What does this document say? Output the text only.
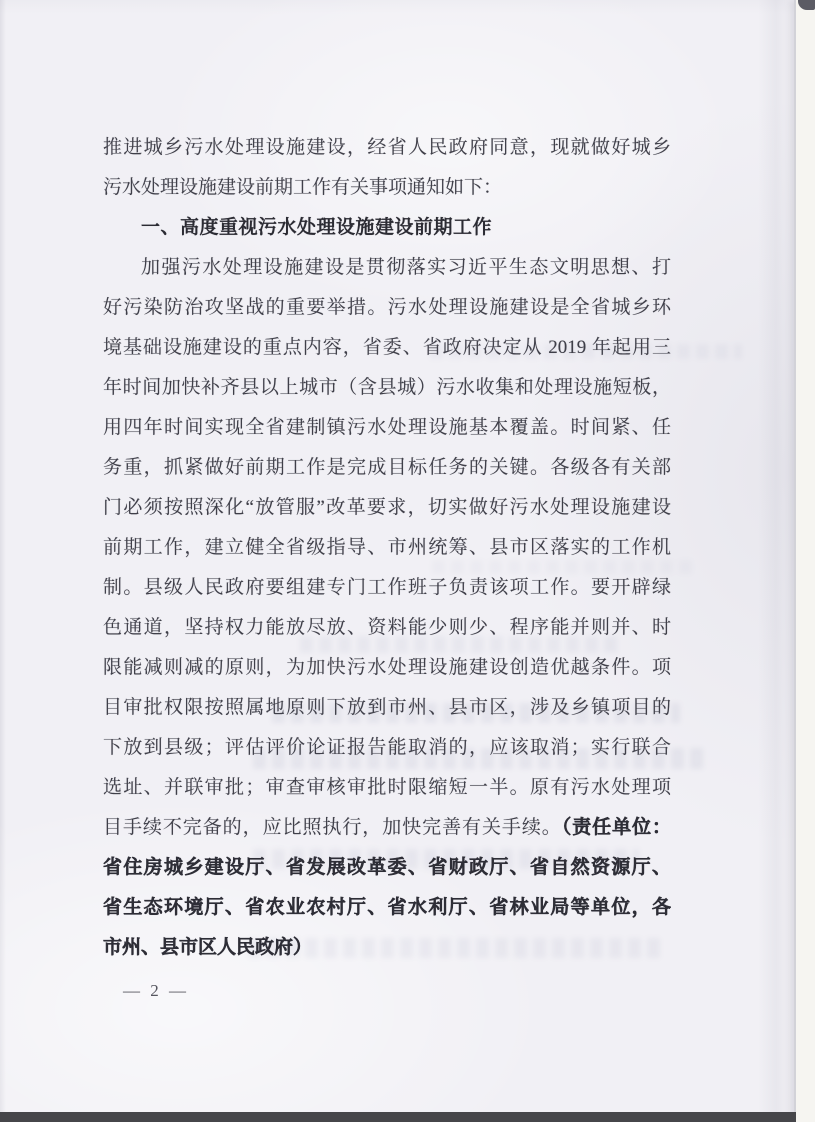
推进城乡污水处理设施建设，经省人民政府同意，现就做好城乡
污水处理设施建设前期工作有关事项通知如下：
一、高度重视污水处理设施建设前期工作
加强污水处理设施建设是贯彻落实习近平生态文明思想、打
好污染防治攻坚战的重要举措。污水处理设施建设是全省城乡环
境基础设施建设的重点内容，省委、省政府决定从 2019 年起用三
年时间加快补齐县以上城市（含县城）污水收集和处理设施短板，
用四年时间实现全省建制镇污水处理设施基本覆盖。时间紧、任
务重，抓紧做好前期工作是完成目标任务的关键。各级各有关部
门必须按照深化“放管服”改革要求，切实做好污水处理设施建设
前期工作，建立健全省级指导、市州统筹、县市区落实的工作机
制。县级人民政府要组建专门工作班子负责该项工作。要开辟绿
色通道，坚持权力能放尽放、资料能少则少、程序能并则并、时
限能减则减的原则，为加快污水处理设施建设创造优越条件。项
目审批权限按照属地原则下放到市州、县市区，涉及乡镇项目的
下放到县级；评估评价论证报告能取消的，应该取消；实行联合
选址、并联审批；审查审核审批时限缩短一半。原有污水处理项
目手续不完备的，应比照执行，加快完善有关手续。（责任单位：
省住房城乡建设厅、省发展改革委、省财政厅、省自然资源厅、
省生态环境厅、省农业农村厅、省水利厅、省林业局等单位，各
市州、县市区人民政府）
— 2 —
